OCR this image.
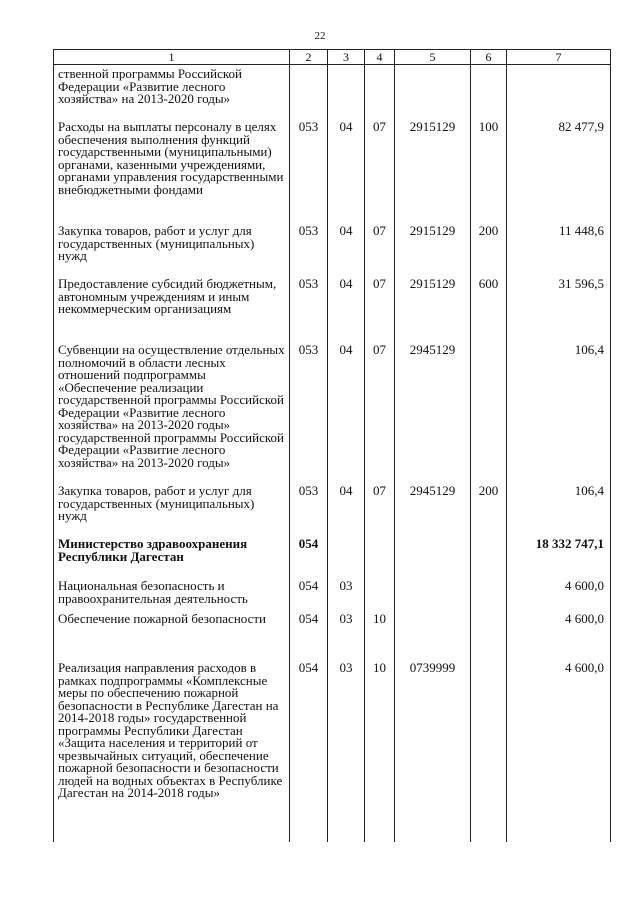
22
1	2	3	4	5	6	7
ственной программы Российской Федерации «Развитие лесного хозяйства» на 2013-2020 годы»						
Расходы на выплаты персоналу в целях обеспечения выполнения функций государственными (муниципальными) органами, казенными учреждениями, органами управления государственными внебюджетными фондами	053	04	07	2915129	100	82 477,9
Закупка товаров, работ и услуг для государственных (муниципальных) нужд	053	04	07	2915129	200	11 448,6
Предоставление субсидий бюджетным, автономным учреждениям и иным некоммерческим организациям	053	04	07	2915129	600	31 596,5
Субвенции на осуществление отдельных полномочий в области лесных отношений подпрограммы «Обеспечение реализации государственной программы Российской Федерации «Развитие лесного хозяйства» на 2013-2020 годы» государственной программы Российской Федерации «Развитие лесного хозяйства» на 2013-2020 годы»	053	04	07	2945129		106,4
Закупка товаров, работ и услуг для государственных (муниципальных) нужд	053	04	07	2945129	200	106,4
Министерство здравоохранения Республики Дагестан	054					18 332 747,1
Национальная безопасность и правоохранительная деятельность	054	03				4 600,0
Обеспечение пожарной безопасности	054	03	10			4 600,0
Реализация направления расходов в рамках подпрограммы «Комплексные меры по обеспечению пожарной безопасности в Республике Дагестан на 2014-2018 годы» государственной программы Республики Дагестан «Защита населения и территорий от чрезвычайных ситуаций, обеспечение пожарной безопасности и безопасности людей на водных объектах в Республике Дагестан на 2014-2018 годы»	054	03	10	0739999		4 600,0
